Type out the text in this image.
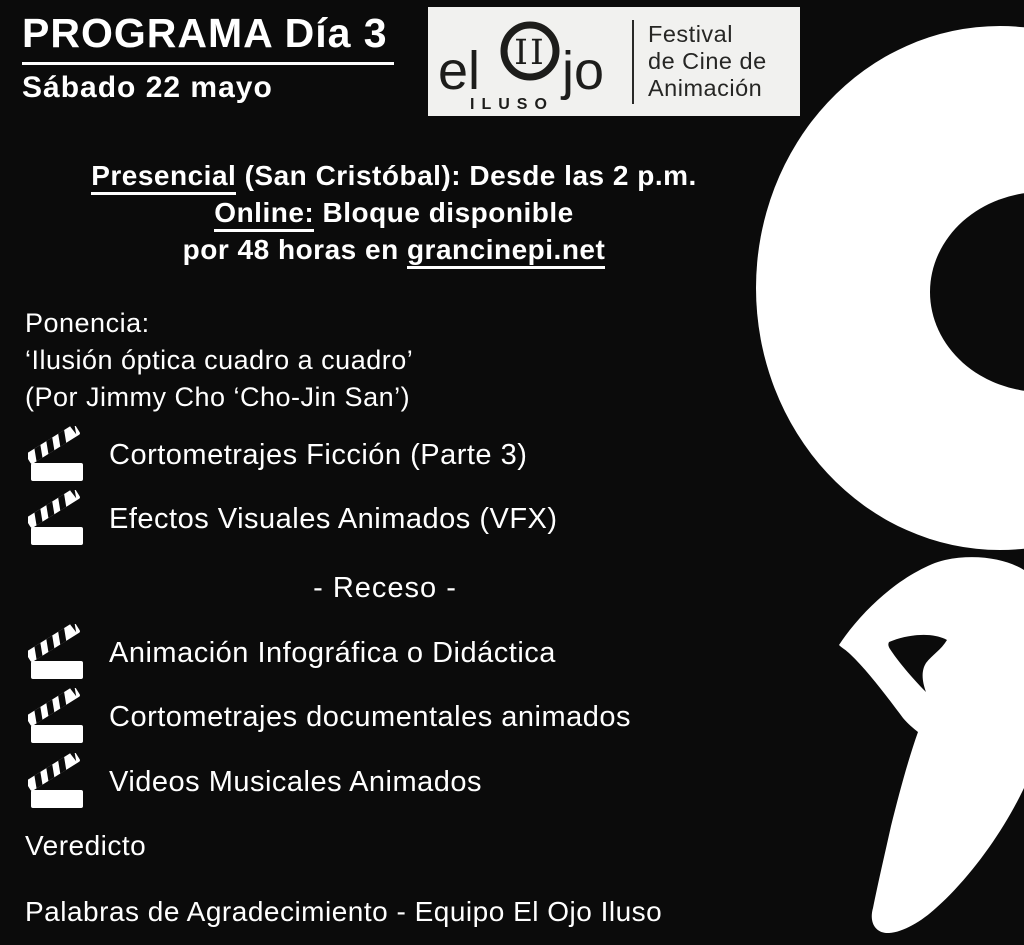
PROGRAMA Día 3
Sábado 22 mayo	el II jo
ILUSO
Festival
de Cine de
Animación
Presencial (San Cristóbal): Desde las 2 p.m.
Online: Bloque disponible
por 48 horas en grancinepi.net
Ponencia:
‘Ilusión óptica cuadro a cuadro’
(Por Jimmy Cho ‘Cho-Jin San’)
Cortometrajes Ficción (Parte 3)
Efectos Visuales Animados (VFX)
- Receso -
Animación Infográfica o Didáctica
Cortometrajes documentales animados
Videos Musicales Animados
Veredicto
Palabras de Agradecimiento - Equipo El Ojo Iluso
